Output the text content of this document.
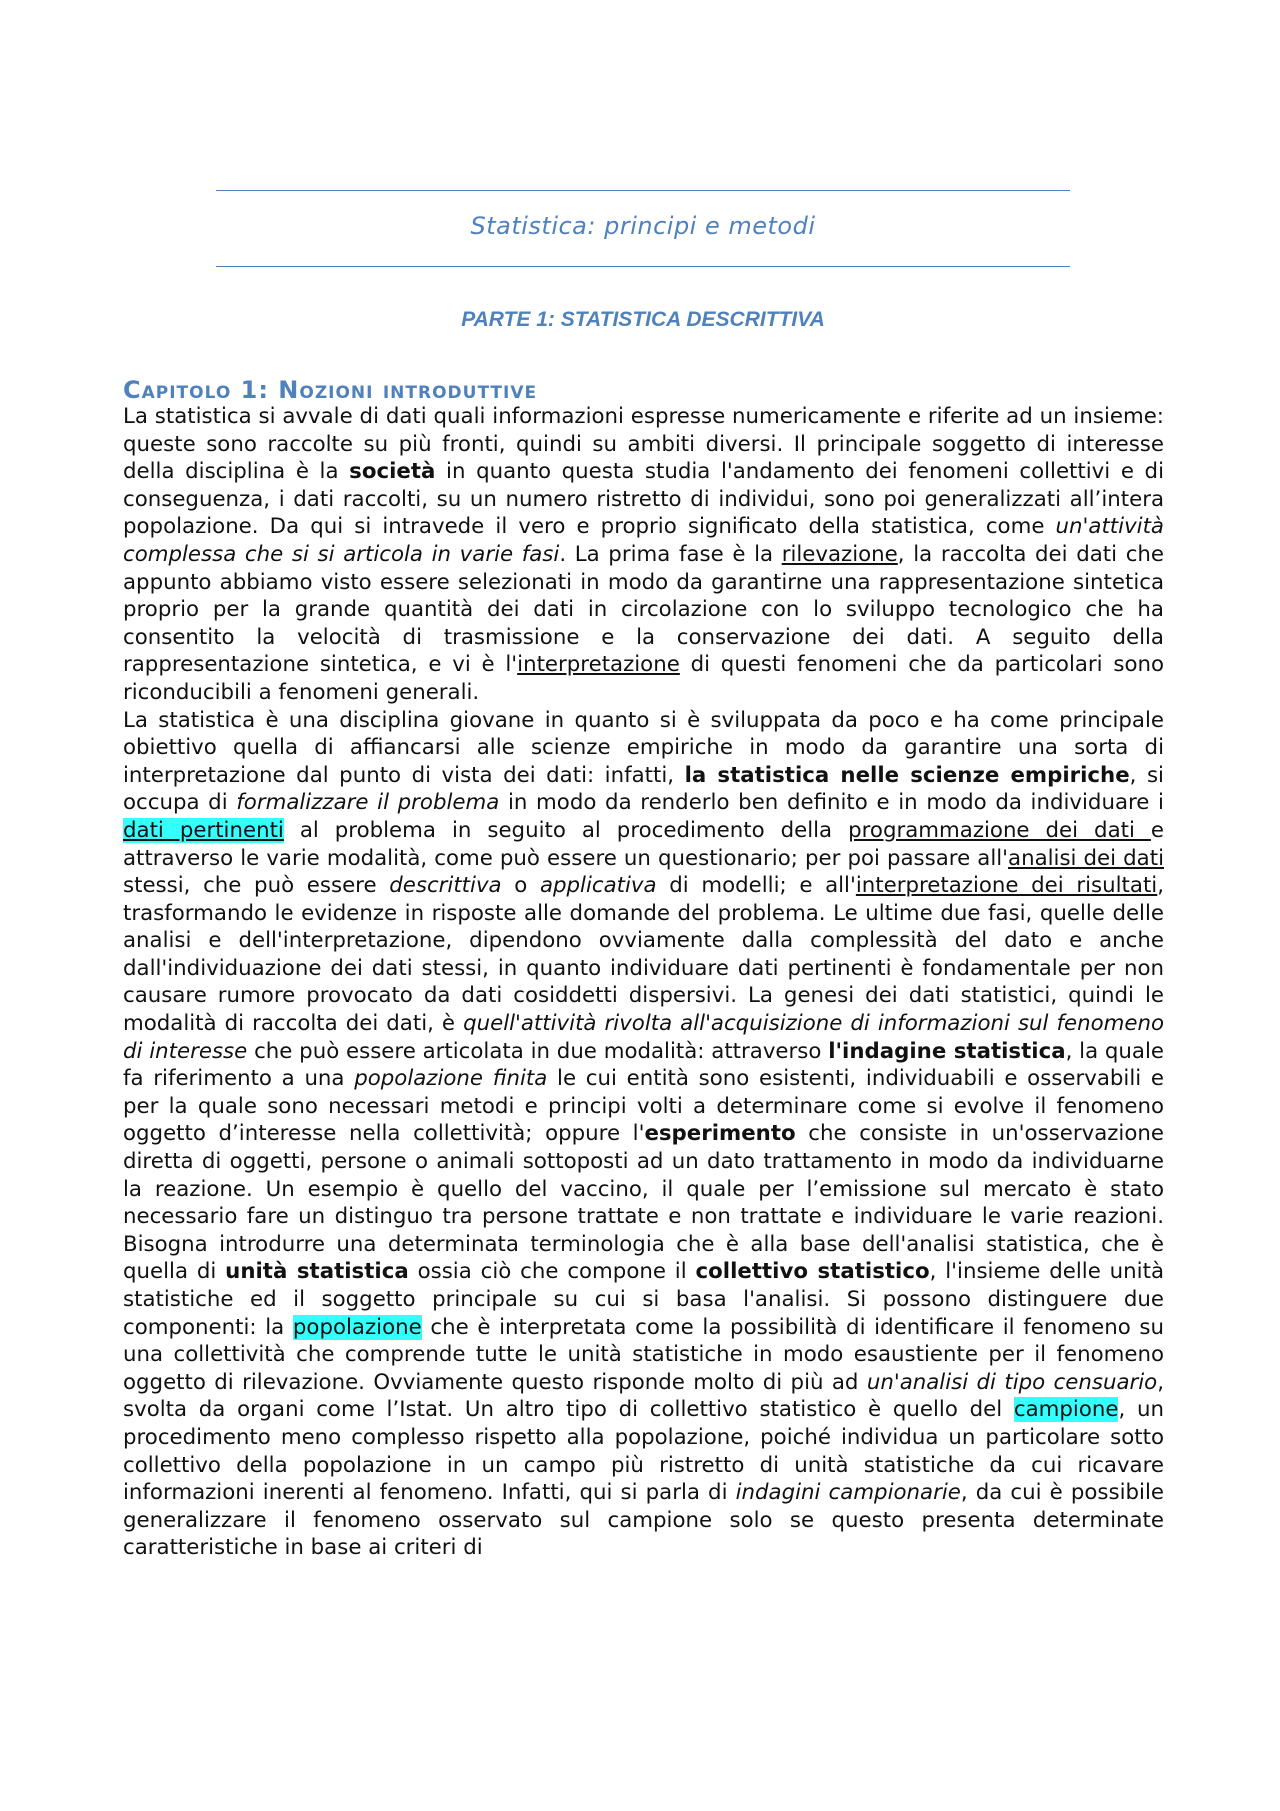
Statistica: principi e metodi
PARTE 1: STATISTICA DESCRITTIVA
Capitolo 1: Nozioni introduttive

La statistica si avvale di dati quali informazioni espresse numericamente e riferite ad un insieme: queste sono raccolte su più fronti, quindi su ambiti diversi. Il principale soggetto di interesse della disciplina è la società in quanto questa studia l'andamento dei fenomeni collettivi e di conseguenza, i dati raccolti, su un numero ristretto di individui, sono poi generalizzati all’intera popolazione. Da qui si intravede il vero e proprio significato della statistica, come un'attività complessa che si si articola in varie fasi. La prima fase è la rilevazione, la raccolta dei dati che appunto abbiamo visto essere selezionati in modo da garantirne una rappresentazione sintetica proprio per la grande quantità dei dati in circolazione con lo sviluppo tecnologico che ha consentito la velocità di trasmissione e la conservazione dei dati. A seguito della rappresentazione sintetica, e vi è l'interpretazione di questi fenomeni che da particolari sono riconducibili a fenomeni generali.

La statistica è una disciplina giovane in quanto si è sviluppata da poco e ha come principale obiettivo quella di affiancarsi alle scienze empiriche in modo da garantire una sorta di interpretazione dal punto di vista dei dati: infatti, la statistica nelle scienze empiriche, si occupa di formalizzare il problema in modo da renderlo ben definito e in modo da individuare i dati pertinenti al problema in seguito al procedimento della programmazione dei dati e attraverso le varie modalità, come può essere un questionario; per poi passare all'analisi dei dati stessi, che può essere descrittiva o applicativa di modelli; e all'interpretazione dei risultati, trasformando le evidenze in risposte alle domande del problema. Le ultime due fasi, quelle delle analisi e dell'interpretazione, dipendono ovviamente dalla complessità del dato e anche dall'individuazione dei dati stessi, in quanto individuare dati pertinenti è fondamentale per non causare rumore provocato da dati cosiddetti dispersivi. La genesi dei dati statistici, quindi le modalità di raccolta dei dati, è quell'attività rivolta all'acquisizione di informazioni sul fenomeno di interesse che può essere articolata in due modalità: attraverso l'indagine statistica, la quale fa riferimento a una popolazione finita le cui entità sono esistenti, individuabili e osservabili e per la quale sono necessari metodi e principi volti a determinare come si evolve il fenomeno oggetto d’interesse nella collettività; oppure l'esperimento che consiste in un'osservazione diretta di oggetti, persone o animali sottoposti ad un dato trattamento in modo da individuarne la reazione. Un esempio è quello del vaccino, il quale per l’emissione sul mercato è stato necessario fare un distinguo tra persone trattate e non trattate e individuare le varie reazioni. Bisogna introdurre una determinata terminologia che è alla base dell'analisi statistica, che è quella di unità statistica ossia ciò che compone il collettivo statistico, l'insieme delle unità statistiche ed il soggetto principale su cui si basa l'analisi. Si possono distinguere due componenti: la popolazione che è interpretata come la possibilità di identificare il fenomeno su una collettività che comprende tutte le unità statistiche in modo esaustiente per il fenomeno oggetto di rilevazione. Ovviamente questo risponde molto di più ad un'analisi di tipo censuario, svolta da organi come l’Istat. Un altro tipo di collettivo statistico è quello del campione, un procedimento meno complesso rispetto alla popolazione, poiché individua un particolare sotto collettivo della popolazione in un campo più ristretto di unità statistiche da cui ricavare informazioni inerenti al fenomeno. Infatti, qui si parla di indagini campionarie, da cui è possibile generalizzare il fenomeno osservato sul campione solo se questo presenta determinate caratteristiche in base ai criteri di
